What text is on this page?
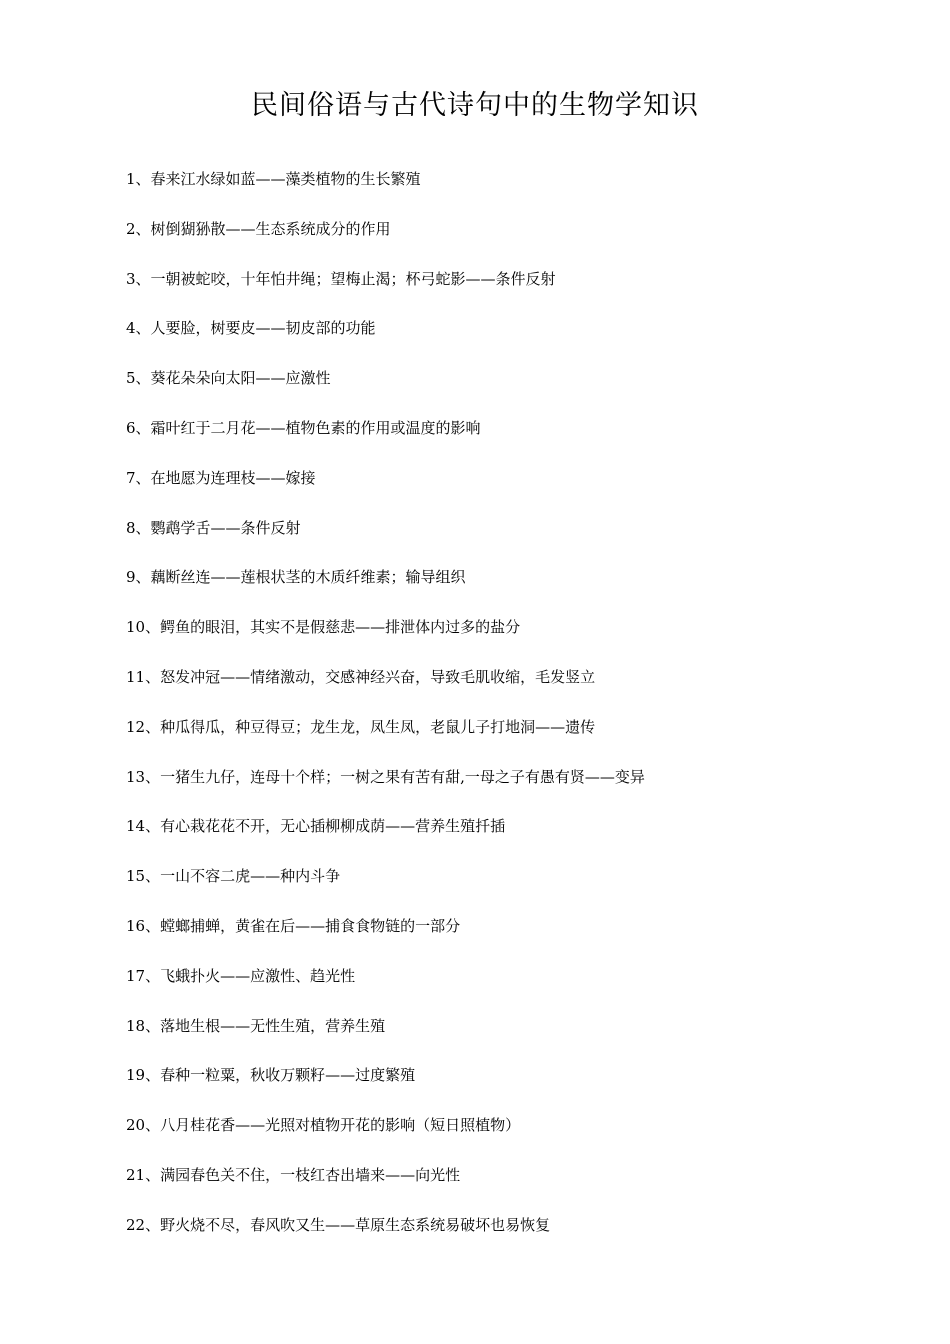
民间俗语与古代诗句中的生物学知识
1、春来江水绿如蓝——藻类植物的生长繁殖
2、树倒猢狲散——生态系统成分的作用
3、一朝被蛇咬，十年怕井绳；望梅止渴；杯弓蛇影——条件反射
4、人要脸，树要皮——韧皮部的功能
5、葵花朵朵向太阳——应激性
6、霜叶红于二月花——植物色素的作用或温度的影响
7、在地愿为连理枝——嫁接
8、鹦鹉学舌——条件反射
9、藕断丝连——莲根状茎的木质纤维素；输导组织
10、鳄鱼的眼泪，其实不是假慈悲——排泄体内过多的盐分
11、怒发冲冠——情绪激动，交感神经兴奋，导致毛肌收缩，毛发竖立
12、种瓜得瓜，种豆得豆；龙生龙，凤生凤，老鼠儿子打地洞——遗传
13、一猪生九仔，连母十个样；一树之果有苦有甜,一母之子有愚有贤——变异
14、有心栽花花不开，无心插柳柳成荫——营养生殖扦插
15、一山不容二虎——种内斗争
16、螳螂捕蝉，黄雀在后——捕食食物链的一部分
17、飞蛾扑火——应激性、趋光性
18、落地生根——无性生殖，营养生殖
19、春种一粒粟，秋收万颗籽——过度繁殖
20、八月桂花香——光照对植物开花的影响（短日照植物）
21、满园春色关不住，一枝红杏出墙来——向光性
22、野火烧不尽，春风吹又生——草原生态系统易破坏也易恢复
